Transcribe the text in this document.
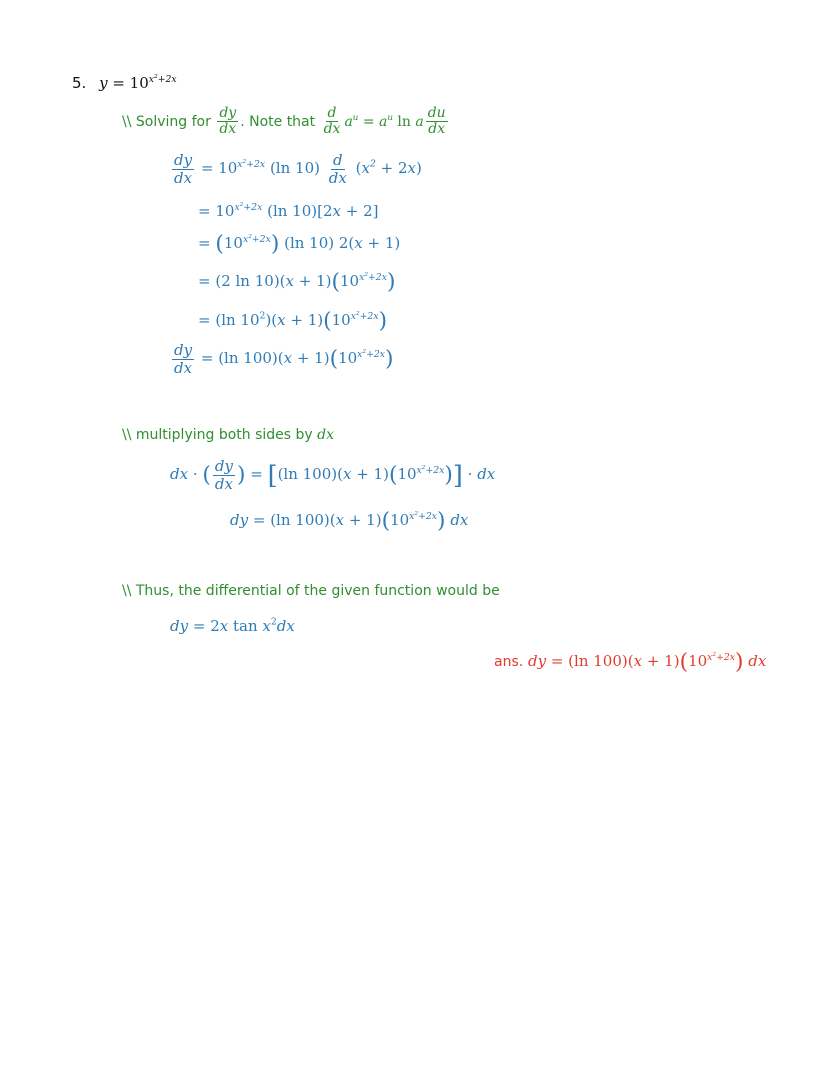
5. $y = 10^{x^2+2x}$
\\ Solving for $\frac{dy}{dx}$ . Note that $\frac{d}{dx} a^u = a^u$ ln a $\frac{du}{dx}$
$\frac{dy}{dx} = 10^{x^2+2x}$ (ln $10) \frac{d}{dx} (x^2 + 2x)$
= $10^{x^2+2x}$ (ln 10)[2x + 2]
= $(10^{x^2+2x})$ (ln 10) 2(x + 1)
= (2 $\ln 10)(x + 1)(10^{x^2+2x})$
= (ln $10^2)(x + 1)(10^{x^2+2x})$
$\frac{dy}{dx} = (\ln$ $100)(x + 1)(10^{x^2+2x})$
\\ multiplying both sides by dx
dx · ( $\frac{dy}{dx}$ ) = [(ln $100)(x + 1)(10^{x^2+2x})$] · dx
dy = (ln $100)(x + 1)(10^{x^2+2x})$ dx
\\ Thus, the differential of the given function would be
dy = 2x $\tan x^2dx$
ans. dy = (ln $100)(x + 1)(10^{x^2+2x})$ dx
